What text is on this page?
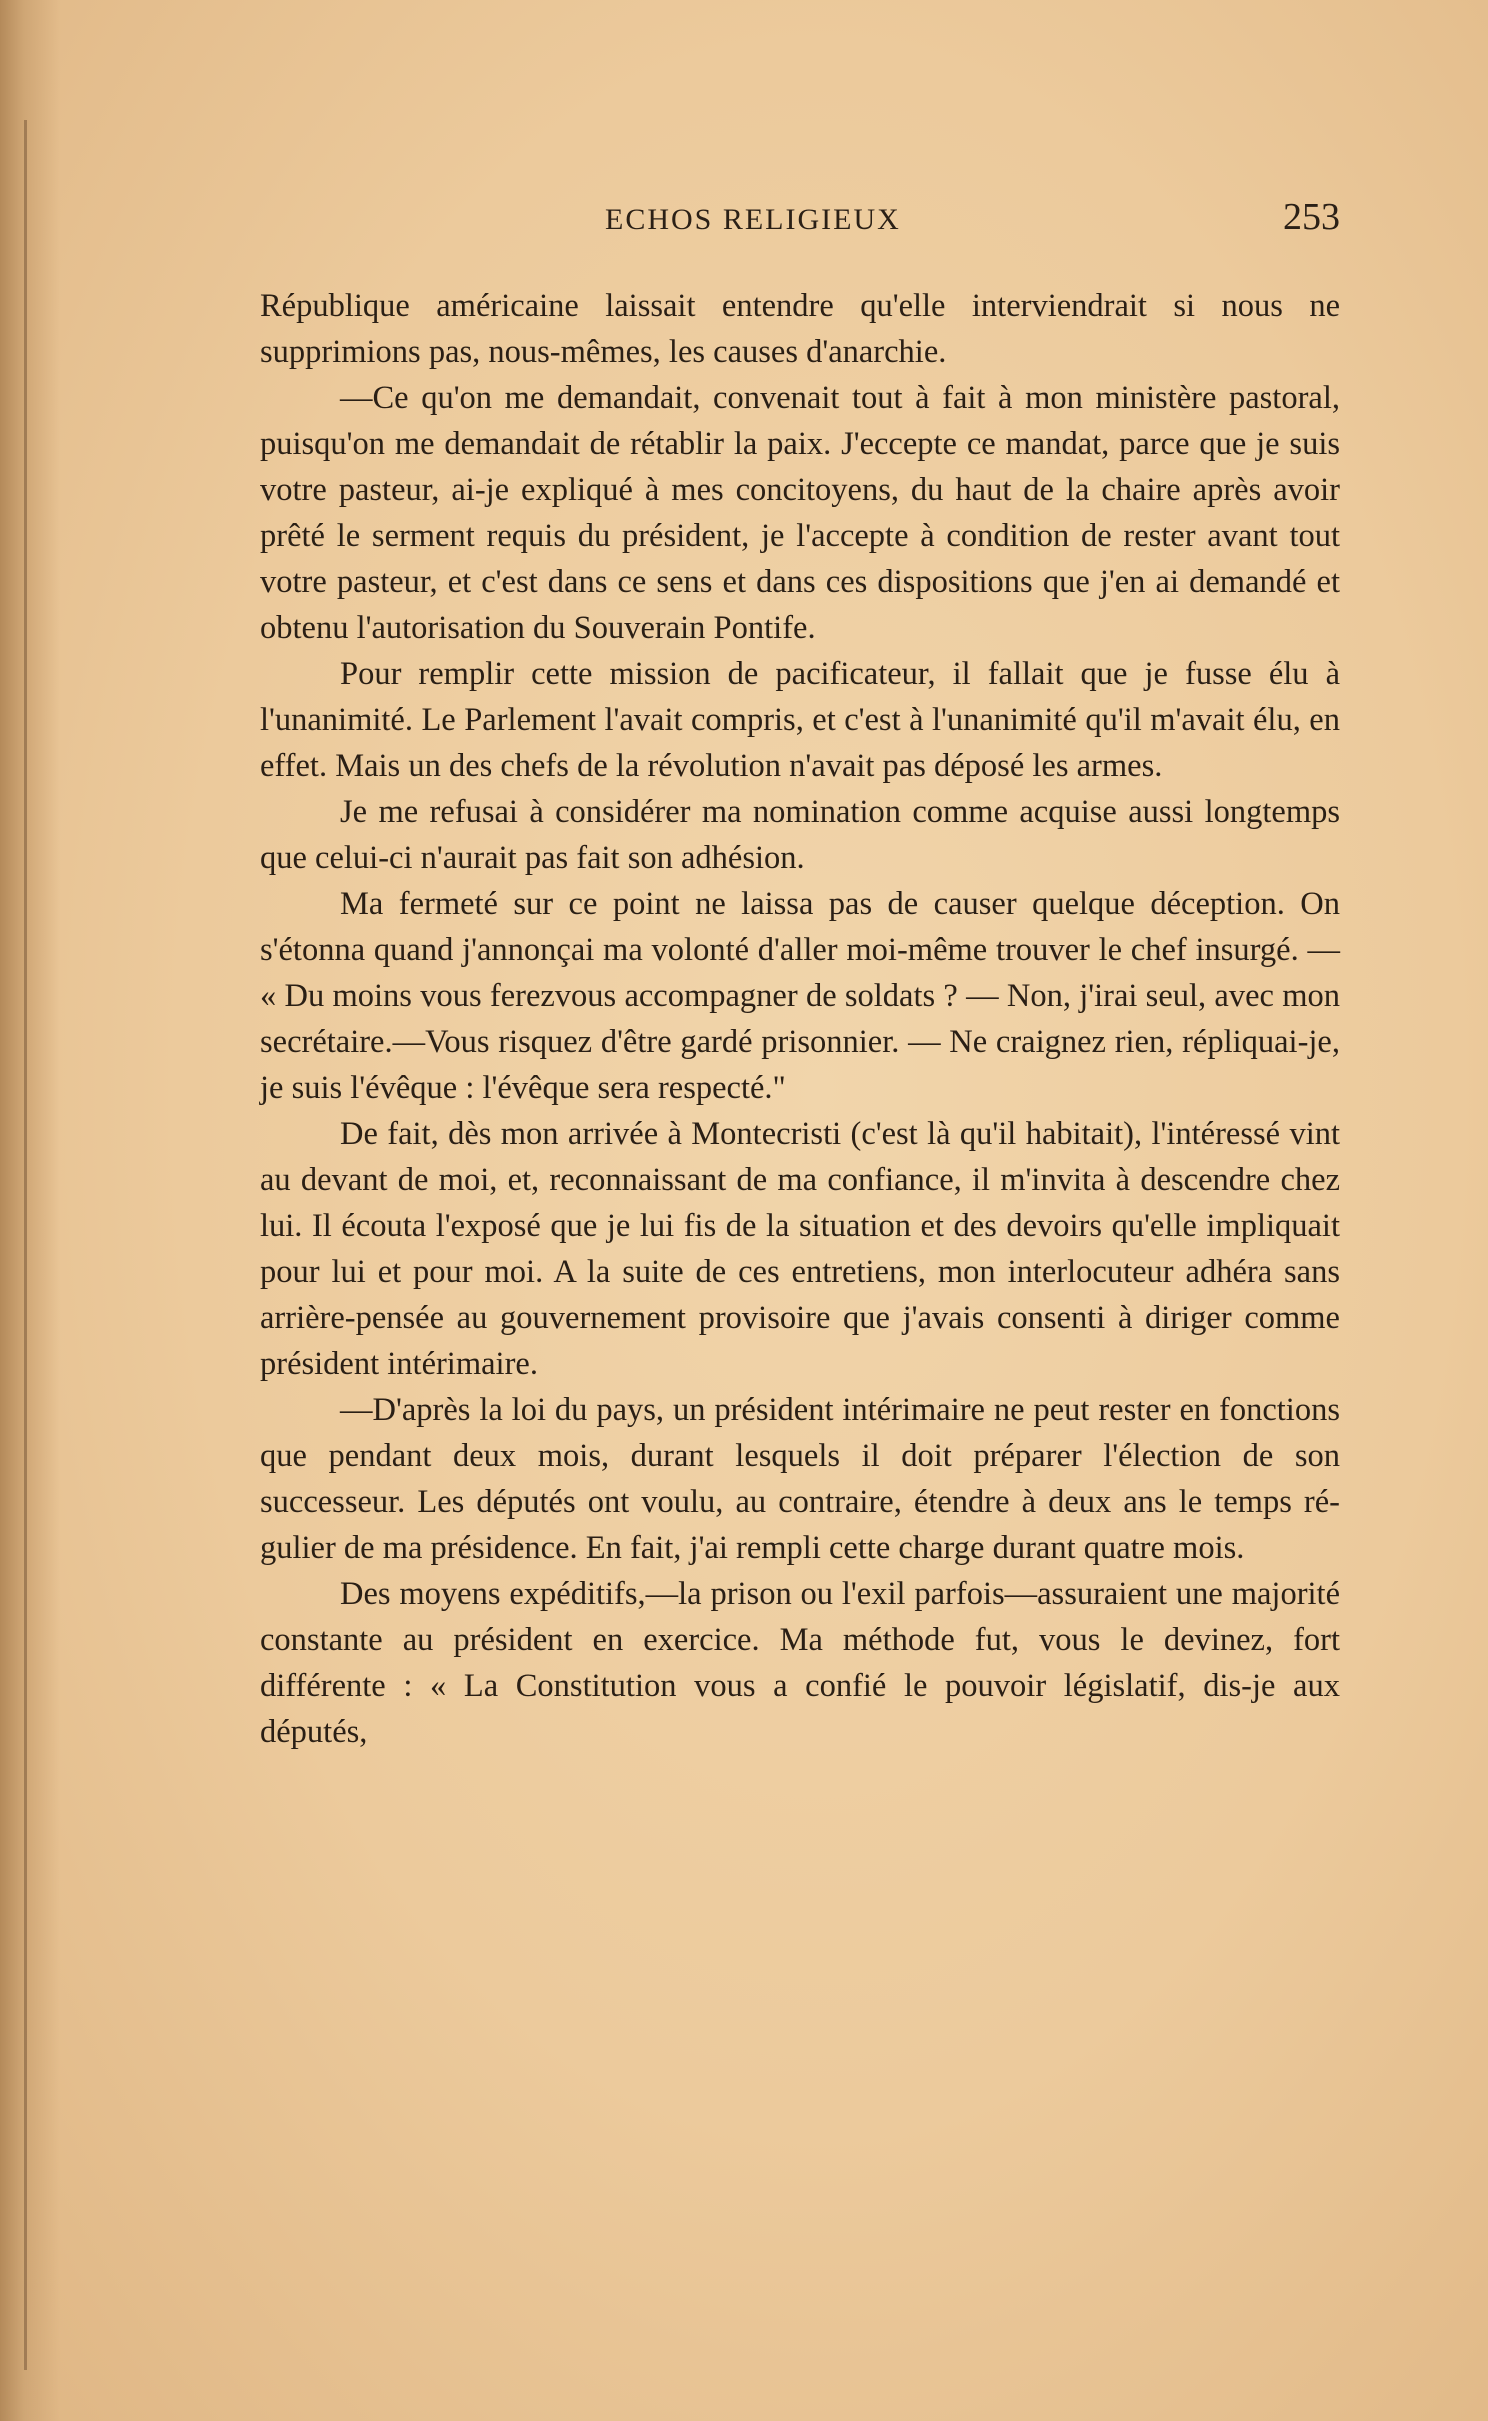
ECHOS RELIGIEUX	253

République américaine laissait entendre qu'elle interviendrait si nous ne supprimions pas, nous-mêmes, les causes d'anarchie.

—Ce qu'on me demandait, convenait tout à fait à mon ministère pastoral, puisqu'on me demandait de rétablir la paix. J'eccepte ce mandat, parce que je suis votre pasteur, ai-je expliqué à mes concitoyens, du haut de la chaire après avoir prêté le serment requis du président, je l'accepte à condition de rester avant tout votre pasteur, et c'est dans ce sens et dans ces dispositions que j'en ai demandé et obtenu l'autorisation du Souverain Pontife.

Pour remplir cette mission de pacificateur, il fallait que je fusse élu à l'unanimité. Le Parlement l'avait compris, et c'est à l'unanimité qu'il m'avait élu, en effet. Mais un des chefs de la révolution n'avait pas déposé les armes.

Je me refusai à considérer ma nomination comme acquise aussi longtemps que celui-ci n'aurait pas fait son adhésion.

Ma fermeté sur ce point ne laissa pas de causer quelque déception. On s'étonna quand j'annonçai ma volonté d'aller moi-même trouver le chef insurgé. — « Du moins vous ferezvous accompagner de soldats ? — Non, j'irai seul, avec mon secrétaire.—Vous risquez d'être gardé prisonnier. — Ne craignez rien, répliquai-je, je suis l'évêque : l'évêque sera respecté."

De fait, dès mon arrivée à Montecristi (c'est là qu'il habitait), l'intéressé vint au devant de moi, et, reconnaissant de ma confiance, il m'invita à descendre chez lui. Il écouta l'exposé que je lui fis de la situation et des devoirs qu'elle impliquait pour lui et pour moi. A la suite de ces entretiens, mon interlocuteur adhéra sans arrière-pensée au gouvernement provisoire que j'avais consenti à diriger comme président intérimaire.

—D'après la loi du pays, un président intérimaire ne peut rester en fonctions que pendant deux mois, durant lesquels il doit préparer l'élection de son successeur. Les députés ont voulu, au contraire, étendre à deux ans le temps régulier de ma présidence. En fait, j'ai rempli cette charge durant quatre mois.

Des moyens expéditifs,—la prison ou l'exil parfois—assuraient une majorité constante au président en exercice. Ma méthode fut, vous le devinez, fort différente : « La Constitution vous a confié le pouvoir législatif, dis-je aux députés,
